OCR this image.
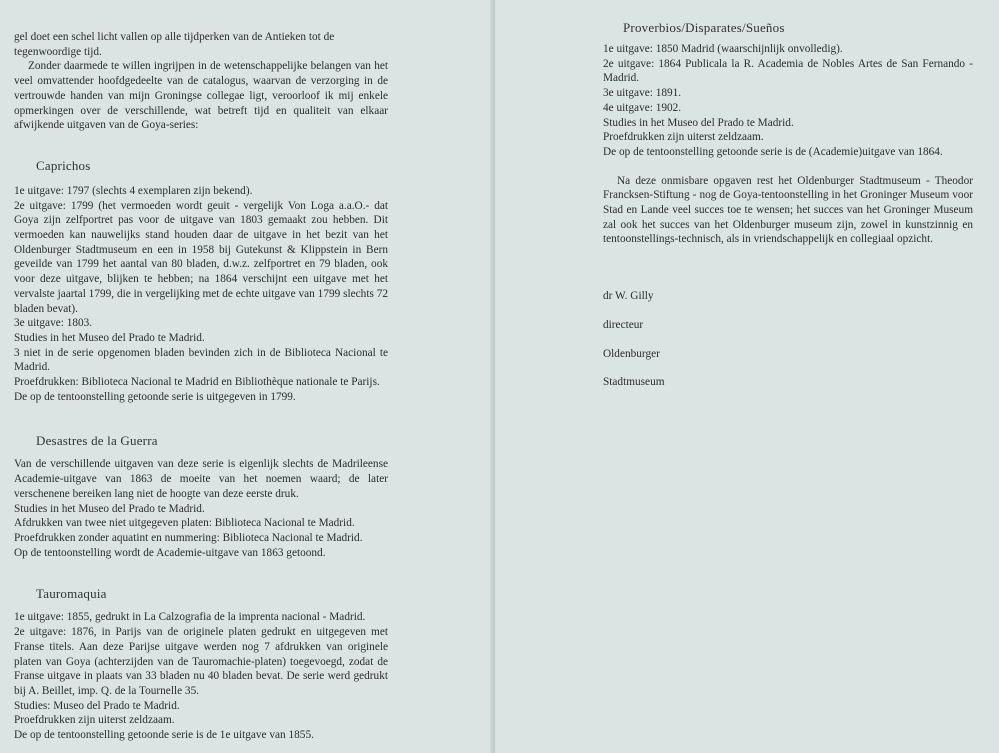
gel doet een schel licht vallen op alle tijdperken van de Antieken tot de tegenwoordige tijd.

Zonder daarmede te willen ingrijpen in de wetenschappelijke belangen van het veel omvattender hoofdgedeelte van de catalogus, waarvan de verzorging in de vertrouwde handen van mijn Groningse collegae ligt, veroorloof ik mij enkele opmerkingen over de verschillende, wat betreft tijd en qualiteit van elkaar afwijkende uitgaven van de Goya-series:

Caprichos

1e uitgave: 1797 (slechts 4 exemplaren zijn bekend).

2e uitgave: 1799 (het vermoeden wordt geuit - vergelijk Von Loga a.a.O.- dat Goya zijn zelfportret pas voor de uitgave van 1803 gemaakt zou hebben. Dit vermoeden kan nauwelijks stand houden daar de uitgave in het bezit van het Oldenburger Stadtmuseum en een in 1958 bij Gutekunst & Klippstein in Bern geveilde van 1799 het aantal van 80 bladen, d.w.z. zelfportret en 79 bladen, ook voor deze uitgave, blijken te hebben; na 1864 verschijnt een uitgave met het vervalste jaartal 1799, die in vergelijking met de echte uitgave van 1799 slechts 72 bladen bevat).

3e uitgave: 1803.

Studies in het Museo del Prado te Madrid.

3 niet in de serie opgenomen bladen bevinden zich in de Biblioteca Nacional te Madrid.

Proefdrukken: Biblioteca Nacional te Madrid en Bibliothèque nationale te Parijs.

De op de tentoonstelling getoonde serie is uitgegeven in 1799.

Desastres de la Guerra

Van de verschillende uitgaven van deze serie is eigenlijk slechts de Madrileense Academie-uitgave van 1863 de moeite van het noemen waard; de later verschenene bereiken lang niet de hoogte van deze eerste druk.

Studies in het Museo del Prado te Madrid.

Afdrukken van twee niet uitgegeven platen: Biblioteca Nacional te Madrid.

Proefdrukken zonder aquatint en nummering: Biblioteca Nacional te Madrid.

Op de tentoonstelling wordt de Academie-uitgave van 1863 getoond.

Tauromaquia

1e uitgave: 1855, gedrukt in La Calzografia de la imprenta nacional - Madrid.

2e uitgave: 1876, in Parijs van de originele platen gedrukt en uitgegeven met Franse titels. Aan deze Parijse uitgave werden nog 7 afdrukken van originele platen van Goya (achterzijden van de Tauromachie-platen) toegevoegd, zodat de Franse uitgave in plaats van 33 bladen nu 40 bladen bevat. De serie werd gedrukt bij A. Beillet, imp. Q. de la Tournelle 35.

Studies: Museo del Prado te Madrid.

Proefdrukken zijn uiterst zeldzaam.

De op de tentoonstelling getoonde serie is de 1e uitgave van 1855.

Proverbios/Disparates/Sueños

1e uitgave: 1850 Madrid (waarschijnlijk onvolledig).

2e uitgave: 1864 Publicala la R. Academia de Nobles Artes de San Fernando - Madrid.

3e uitgave: 1891.

4e uitgave: 1902.

Studies in het Museo del Prado te Madrid.

Proefdrukken zijn uiterst zeldzaam.

De op de tentoonstelling getoonde serie is de (Academie)uitgave van 1864.

Na deze onmisbare opgaven rest het Oldenburger Stadtmuseum - Theodor Francksen-Stiftung - nog de Goya-tentoonstelling in het Groninger Museum voor Stad en Lande veel succes toe te wensen; het succes van het Groninger Museum zal ook het succes van het Oldenburger museum zijn, zowel in kunstzinnig en tentoonstellings-technisch, als in vriendschappelijk en collegiaal opzicht.

dr W. Gilly

directeur

Oldenburger

Stadtmuseum
